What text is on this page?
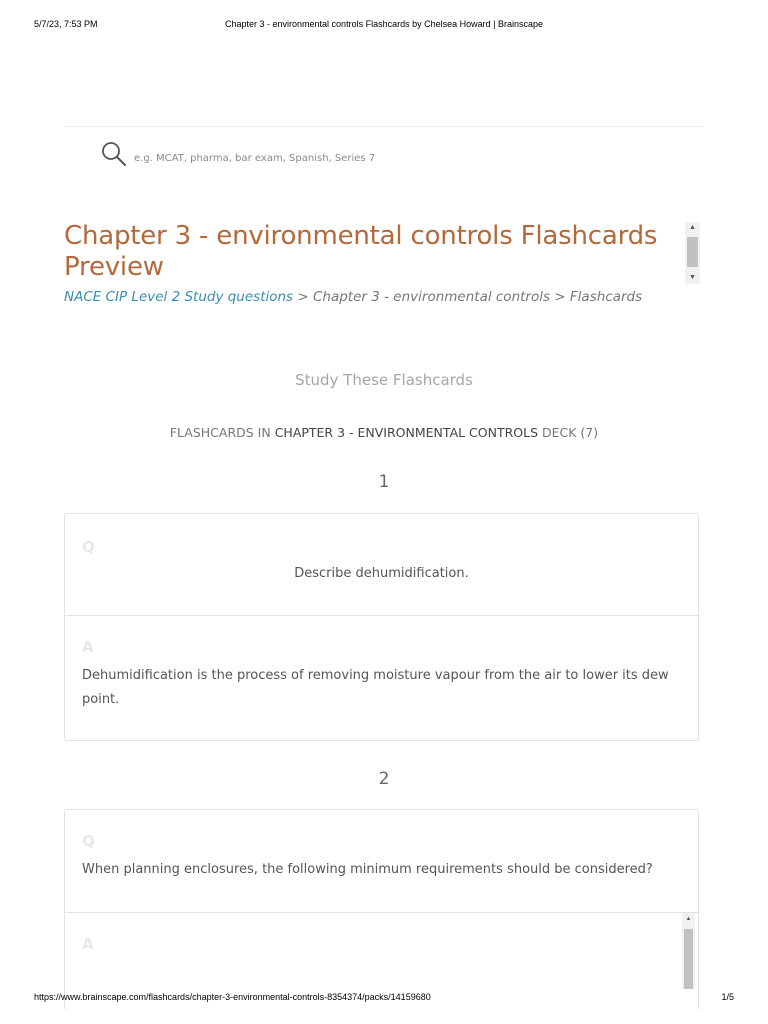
5/7/23, 7:53 PM	Chapter 3 - environmental controls Flashcards by Chelsea Howard | Brainscape
e.g. MCAT, pharma, bar exam, Spanish, Series 7
Chapter 3 - environmental controls Flashcards Preview
▲
▼
NACE CIP Level 2 Study questions > Chapter 3 - environmental controls > Flashcards
Study These Flashcards
FLASHCARDS IN CHAPTER 3 - ENVIRONMENTAL CONTROLS DECK (7)
1
Q
Describe dehumidification.
A
Dehumidification is the process of removing moisture vapour from the air to lower its dew point.
2
Q
When planning enclosures, the following minimum requirements should be considered?
A
▲
https://www.brainscape.com/flashcards/chapter-3-environmental-controls-8354374/packs/14159680	1/5
